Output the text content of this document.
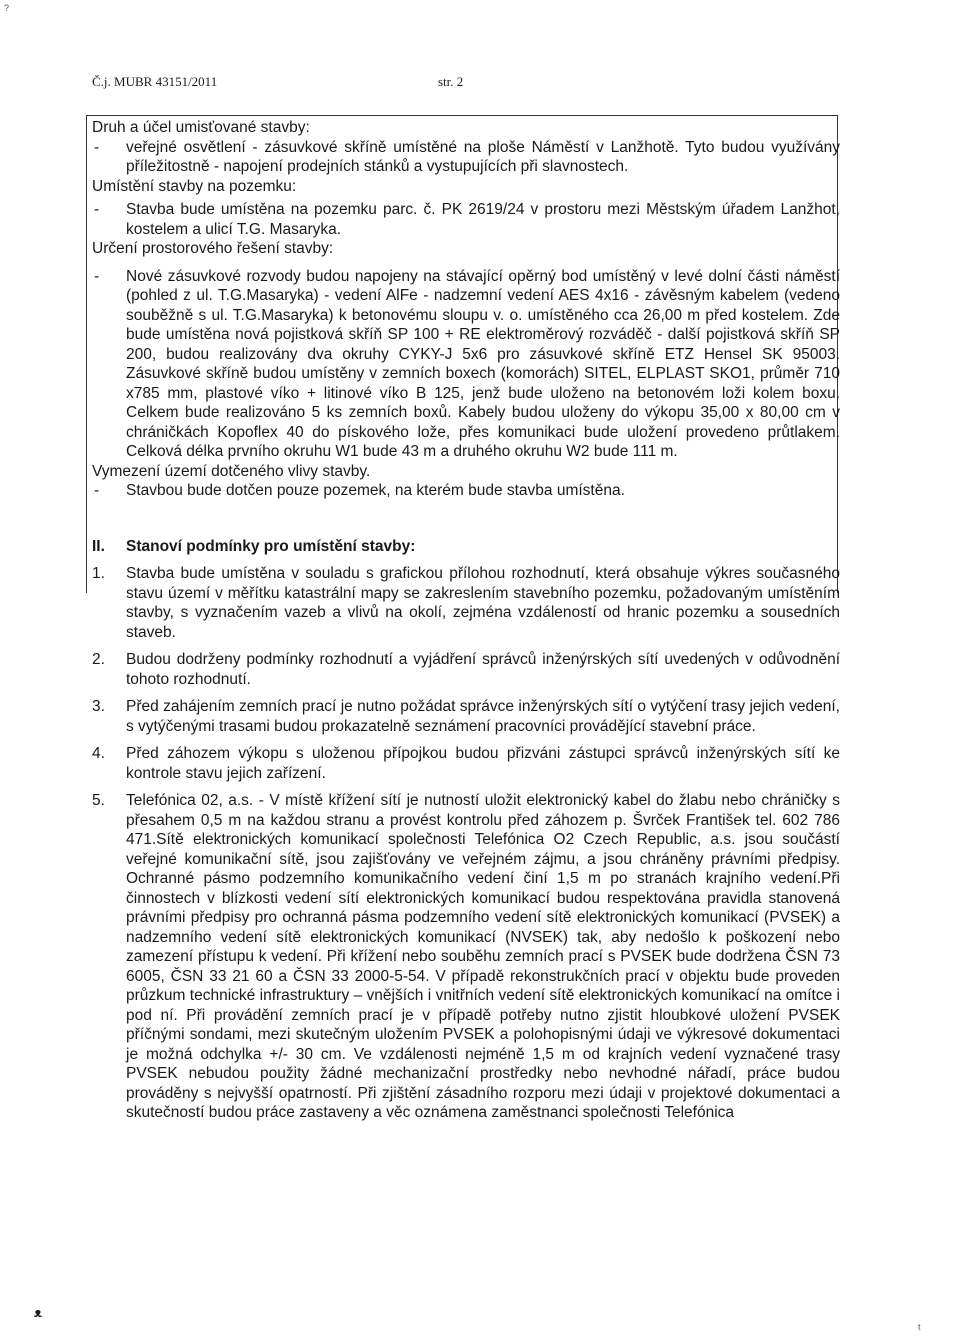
?
Č.j. MUBR 43151/2011	str. 2

Druh a účel umisťované stavby:

- veřejné osvětlení - zásuvkové skříně umístěné na ploše Náměstí v Lanžhotě. Tyto budou využívány příležitostně - napojení prodejních stánků a vystupujících při slavnostech.

Umístění stavby na pozemku:

- Stavba bude umístěna na pozemku parc. č. PK 2619/24 v prostoru mezi Městským úřadem Lanžhot, kostelem a ulicí T.G. Masaryka.

Určení prostorového řešení stavby:

- Nové zásuvkové rozvody budou napojeny na stávající opěrný bod umístěný v levé dolní části náměstí (pohled z ul. T.G.Masaryka) - vedení AlFe - nadzemní vedení AES 4x16 - závěsným kabelem (vedeno souběžně s ul. T.G.Masaryka) k betonovému sloupu v. o. umístěného cca 26,00 m před kostelem. Zde bude umístěna nová pojistková skříň SP 100 + RE elektroměrový rozváděč - další pojistková skříň SP 200, budou realizovány dva okruhy CYKY-J 5x6 pro zásuvkové skříně ETZ Hensel SK 95003. Zásuvkové skříně budou umístěny v zemních boxech (komorách) SITEL, ELPLAST SKO1, průměr 710 x785 mm, plastové víko + litinové víko B 125, jenž bude uloženo na betonovém loži kolem boxu. Celkem bude realizováno 5 ks zemních boxů. Kabely budou uloženy do výkopu 35,00 x 80,00 cm v chráničkách Kopoflex 40 do pískového lože, přes komunikaci bude uložení provedeno průtlakem. Celková délka prvního okruhu W1 bude 43 m a druhého okruhu W2 bude 111 m.

Vymezení území dotčeného vlivy stavby.

- Stavbou bude dotčen pouze pozemek, na kterém bude stavba umístěna.

II. Stanoví podmínky pro umístění stavby:

1. Stavba bude umístěna v souladu s grafickou přílohou rozhodnutí, která obsahuje výkres současného stavu území v měřítku katastrální mapy se zakreslením stavebního pozemku, požadovaným umístěním stavby, s vyznačením vazeb a vlivů na okolí, zejména vzdáleností od hranic pozemku a sousedních staveb.

2. Budou dodrženy podmínky rozhodnutí a vyjádření správců inženýrských sítí uvedených v odůvodnění tohoto rozhodnutí.

3. Před zahájením zemních prací je nutno požádat správce inženýrských sítí o vytýčení trasy jejich vedení, s vytýčenými trasami budou prokazatelně seznámení pracovníci provádějící stavební práce.

4. Před záhozem výkopu s uloženou přípojkou budou přizváni zástupci správců inženýrských sítí ke kontrole stavu jejich zařízení.

5. Telefónica 02, a.s. - V místě křížení sítí je nutností uložit elektronický kabel do žlabu nebo chráničky s přesahem 0,5 m na každou stranu a provést kontrolu před záhozem p. Švrček František tel. 602 786 471.Sítě elektronických komunikací společnosti Telefónica O2 Czech Republic, a.s. jsou součástí veřejné komunikační sítě, jsou zajišťovány ve veřejném zájmu, a jsou chráněny právními předpisy. Ochranné pásmo podzemního komunikačního vedení činí 1,5 m po stranách krajního vedení.Při činnostech v blízkosti vedení sítí elektronických komunikací budou respektována pravidla stanovená právními předpisy pro ochranná pásma podzemního vedení sítě elektronických komunikací (PVSEK) a nadzemního vedení sítě elektronických komunikací (NVSEK) tak, aby nedošlo k poškození nebo zamezení přístupu k vedení. Při křížení nebo souběhu zemních prací s PVSEK bude dodržena ČSN 73 6005, ČSN 33 21 60 a ČSN 33 2000-5-54. V případě rekonstrukčních prací v objektu bude proveden průzkum technické infrastruktury – vnějších i vnitřních vedení sítě elektronických komunikací na omítce i pod ní. Při provádění zemních prací je v případě potřeby nutno zjistit hloubkové uložení PVSEK příčnými sondami, mezi skutečným uložením PVSEK a polohopisnými údaji ve výkresové dokumentaci je možná odchylka +/- 30 cm. Ve vzdálenosti nejméně 1,5 m od krajních vedení vyznačené trasy PVSEK nebudou použity žádné mechanizační prostředky nebo nevhodné nářadí, práce budou prováděny s nejvyšší opatrností. Při zjištění zásadního rozporu mezi údaji v projektové dokumentaci a skutečností budou práce zastaveny a věc oznámena zaměstnanci společnosti Telefónica

ᴥ
t
